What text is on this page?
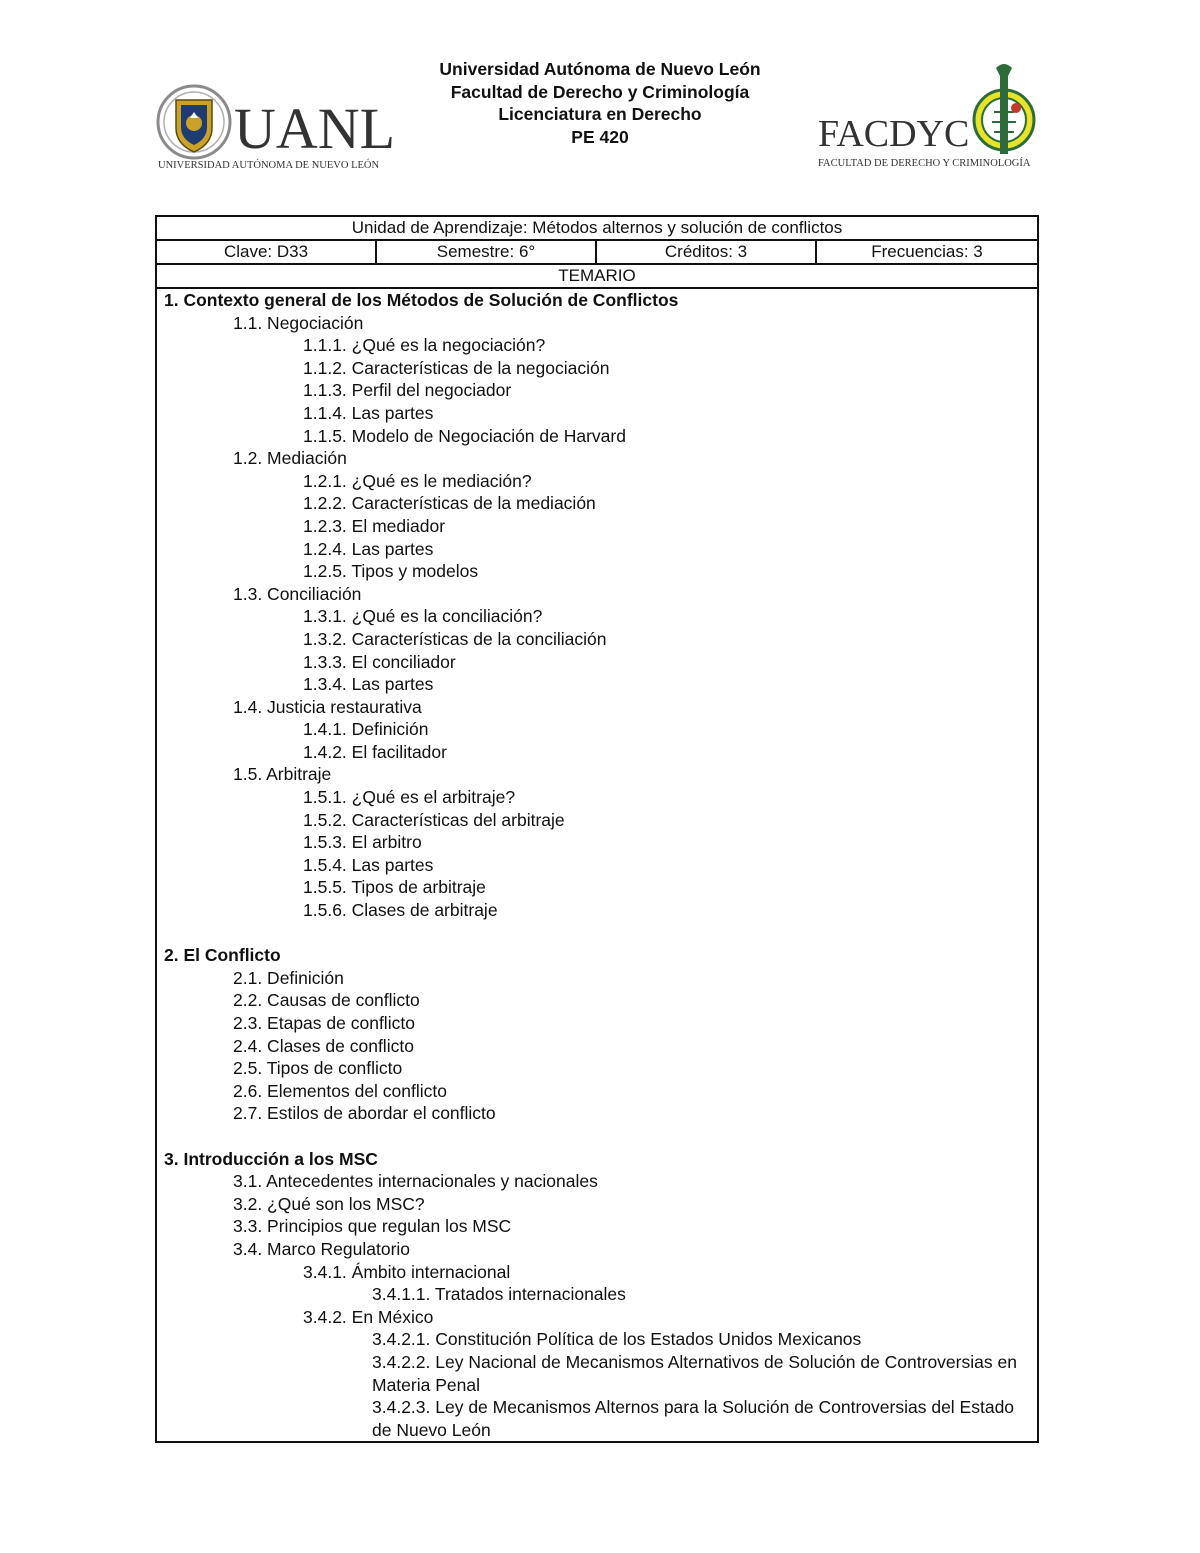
UANL
UNIVERSIDAD AUTÓNOMA DE NUEVO LEÓN
Universidad Autónoma de Nuevo León
Facultad de Derecho y Criminología
Licenciatura en Derecho
PE 420	FACDYC
FACULTAD DE DERECHO Y CRIMINOLOGÍA
Unidad de Aprendizaje: Métodos alternos y solución de conflictos
Clave: D33	Semestre: 6°	Créditos: 3	Frecuencias: 3
TEMARIO

1. Contexto general de los Métodos de Solución de Conflictos
1.1. Negociación
1.1.1. ¿Qué es la negociación?
1.1.2. Características de la negociación
1.1.3. Perfil del negociador
1.1.4. Las partes
1.1.5. Modelo de Negociación de Harvard
1.2. Mediación
1.2.1. ¿Qué es le mediación?
1.2.2. Características de la mediación
1.2.3. El mediador
1.2.4. Las partes
1.2.5. Tipos y modelos
1.3. Conciliación
1.3.1. ¿Qué es la conciliación?
1.3.2. Características de la conciliación
1.3.3. El conciliador
1.3.4. Las partes
1.4. Justicia restaurativa
1.4.1. Definición
1.4.2. El facilitador
1.5. Arbitraje
1.5.1. ¿Qué es el arbitraje?
1.5.2. Características del arbitraje
1.5.3. El arbitro
1.5.4. Las partes
1.5.5. Tipos de arbitraje
1.5.6. Clases de arbitraje
2. El Conflicto
2.1. Definición
2.2. Causas de conflicto
2.3. Etapas de conflicto
2.4. Clases de conflicto
2.5. Tipos de conflicto
2.6. Elementos del conflicto
2.7. Estilos de abordar el conflicto
3. Introducción a los MSC
3.1. Antecedentes internacionales y nacionales
3.2. ¿Qué son los MSC?
3.3. Principios que regulan los MSC
3.4. Marco Regulatorio
3.4.1. Ámbito internacional
3.4.1.1. Tratados internacionales
3.4.2. En México
3.4.2.1. Constitución Política de los Estados Unidos Mexicanos
3.4.2.2. Ley Nacional de Mecanismos Alternativos de Solución de Controversias en Materia Penal
3.4.2.3. Ley de Mecanismos Alternos para la Solución de Controversias del Estado de Nuevo León
